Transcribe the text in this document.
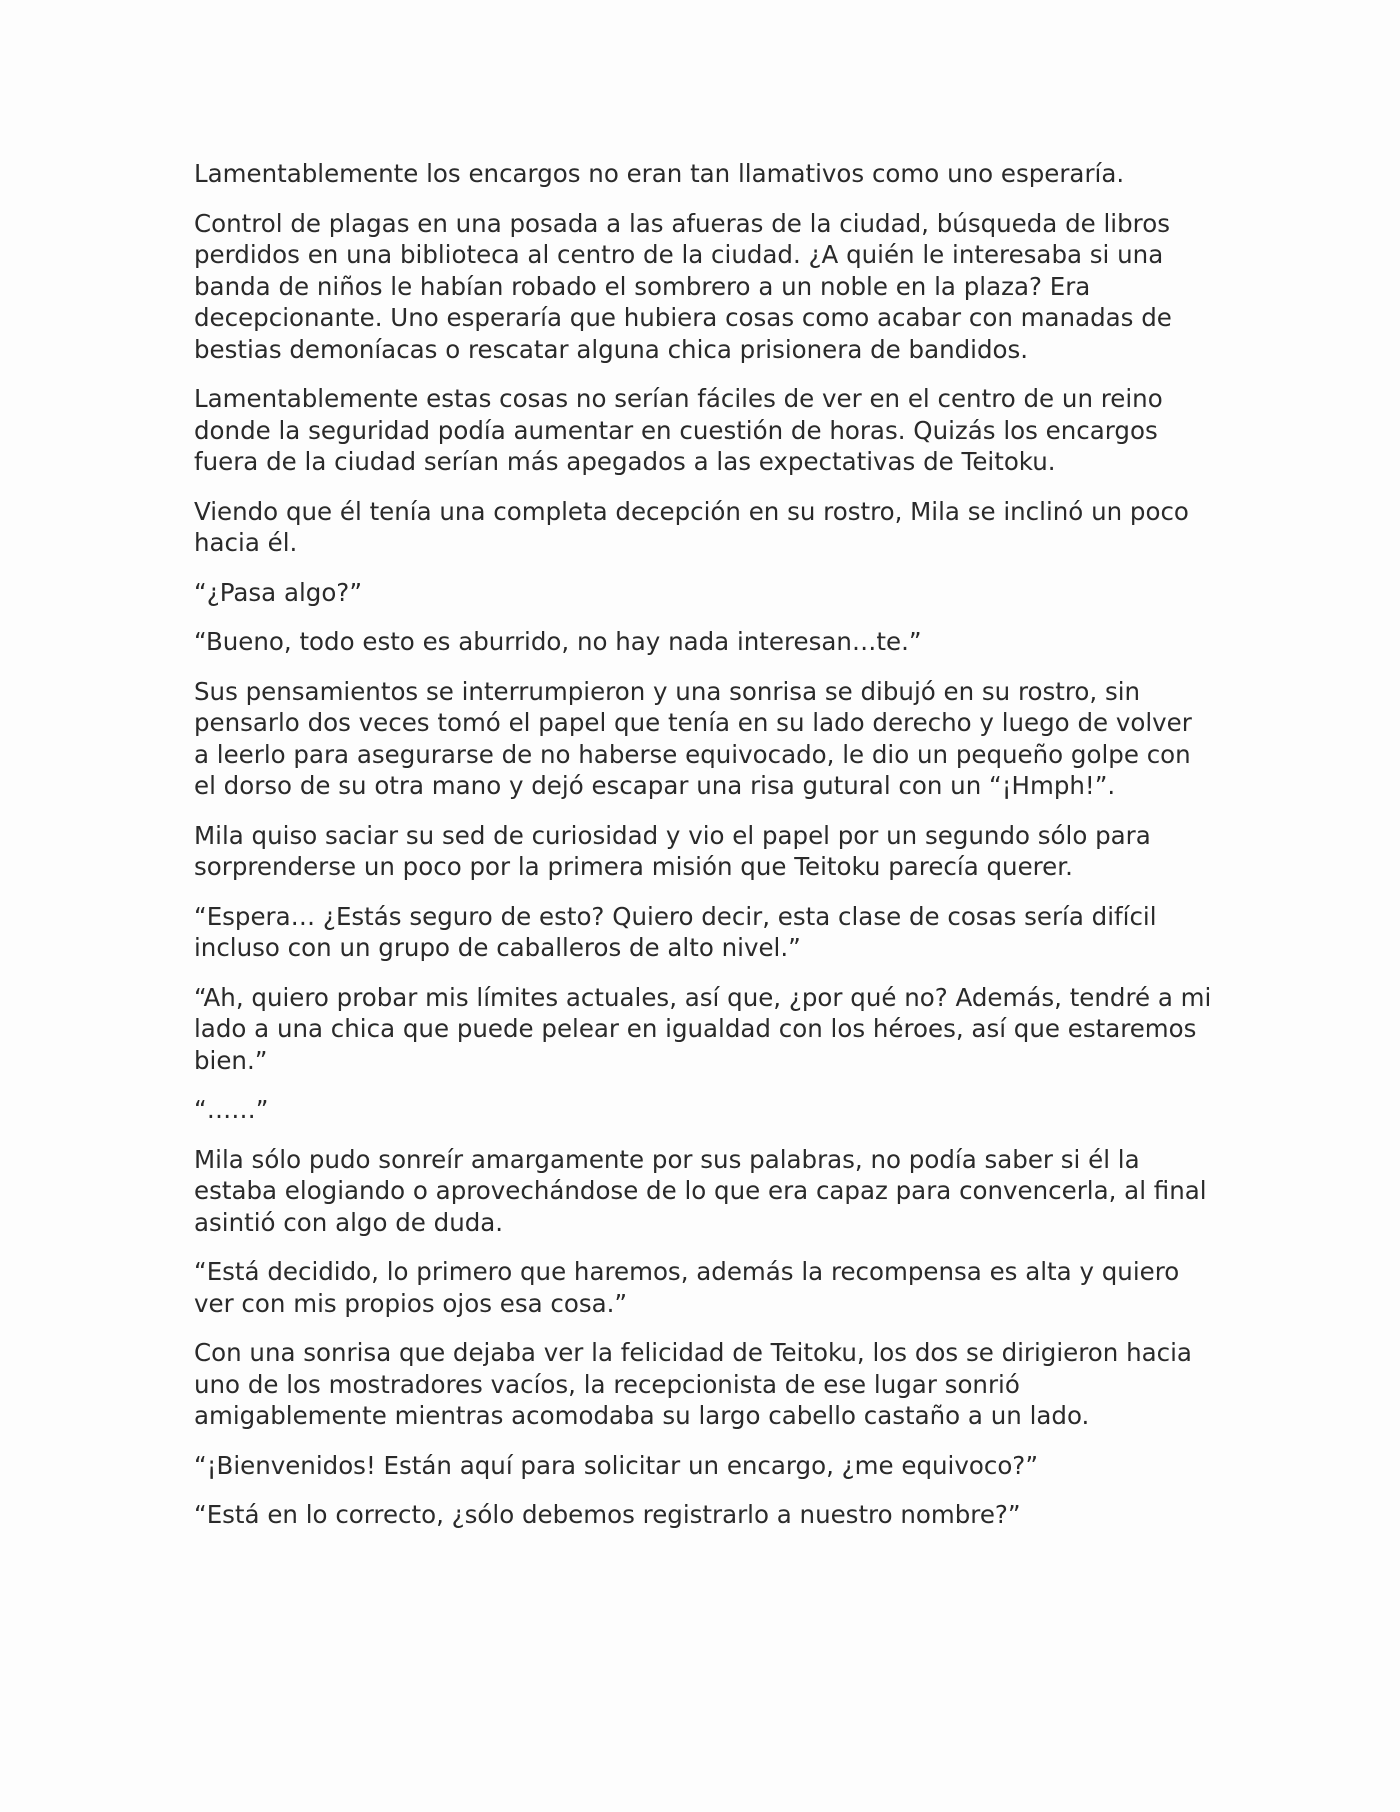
Lamentablemente los encargos no eran tan llamativos como uno esperaría.

Control de plagas en una posada a las afueras de la ciudad, búsqueda de libros perdidos en una biblioteca al centro de la ciudad. ¿A quién le interesaba si una banda de niños le habían robado el sombrero a un noble en la plaza? Era decepcionante. Uno esperaría que hubiera cosas como acabar con manadas de bestias demoníacas o rescatar alguna chica prisionera de bandidos.

Lamentablemente estas cosas no serían fáciles de ver en el centro de un reino donde la seguridad podía aumentar en cuestión de horas. Quizás los encargos fuera de la ciudad serían más apegados a las expectativas de Teitoku.

Viendo que él tenía una completa decepción en su rostro, Mila se inclinó un poco hacia él.

“¿Pasa algo?”

“Bueno, todo esto es aburrido, no hay nada interesan…te.”

Sus pensamientos se interrumpieron y una sonrisa se dibujó en su rostro, sin pensarlo dos veces tomó el papel que tenía en su lado derecho y luego de volver a leerlo para asegurarse de no haberse equivocado, le dio un pequeño golpe con el dorso de su otra mano y dejó escapar una risa gutural con un “¡Hmph!”.

Mila quiso saciar su sed de curiosidad y vio el papel por un segundo sólo para sorprenderse un poco por la primera misión que Teitoku parecía querer.

“Espera… ¿Estás seguro de esto? Quiero decir, esta clase de cosas sería difícil incluso con un grupo de caballeros de alto nivel.”

“Ah, quiero probar mis límites actuales, así que, ¿por qué no? Además, tendré a mi lado a una chica que puede pelear en igualdad con los héroes, así que estaremos bien.”

“……”

Mila sólo pudo sonreír amargamente por sus palabras, no podía saber si él la estaba elogiando o aprovechándose de lo que era capaz para convencerla, al final asintió con algo de duda.

“Está decidido, lo primero que haremos, además la recompensa es alta y quiero ver con mis propios ojos esa cosa.”

Con una sonrisa que dejaba ver la felicidad de Teitoku, los dos se dirigieron hacia uno de los mostradores vacíos, la recepcionista de ese lugar sonrió amigablemente mientras acomodaba su largo cabello castaño a un lado.

“¡Bienvenidos! Están aquí para solicitar un encargo, ¿me equivoco?”

“Está en lo correcto, ¿sólo debemos registrarlo a nuestro nombre?”
